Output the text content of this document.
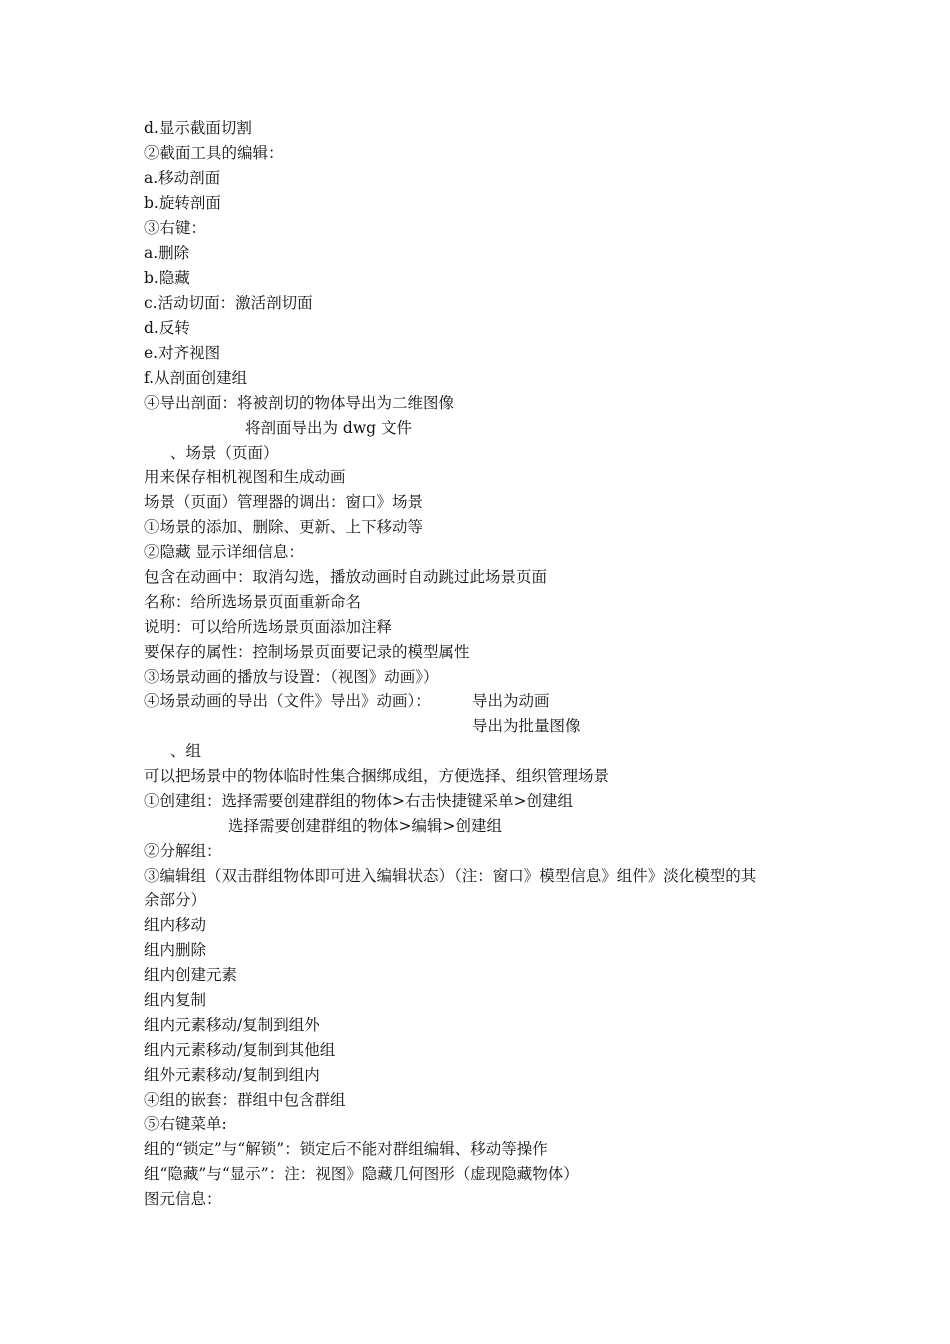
d.显示截面切割
②截面工具的编辑：
a.移动剖面
b.旋转剖面
③右键：
a.删除
b.隐藏
c.活动切面：激活剖切面
d.反转
e.对齐视图
f.从剖面创建组
④导出剖面：将被剖切的物体导出为二维图像
将剖面导出为 dwg 文件
、场景（页面）
用来保存相机视图和生成动画
场景（页面）管理器的调出：窗口》场景
①场景的添加、删除、更新、上下移动等
②隐藏 显示详细信息：
包含在动画中：取消勾选，播放动画时自动跳过此场景页面
名称：给所选场景页面重新命名
说明：可以给所选场景页面添加注释
要保存的属性：控制场景页面要记录的模型属性
③场景动画的播放与设置：（视图》动画》）
④场景动画的导出（文件》导出》动画）：	导出为动画
导出为批量图像
、组
可以把场景中的物体临时性集合捆绑成组，方便选择、组织管理场景
①创建组：选择需要创建群组的物体>右击快捷键采单>创建组
选择需要创建群组的物体>编辑>创建组
②分解组：
③编辑组（双击群组物体即可进入编辑状态）（注：窗口》模型信息》组件》淡化模型的其
余部分）
组内移动
组内删除
组内创建元素
组内复制
组内元素移动/复制到组外
组内元素移动/复制到其他组
组外元素移动/复制到组内
④组的嵌套：群组中包含群组
⑤右键菜单:
组的“锁定”与“解锁”：锁定后不能对群组编辑、移动等操作
组“隐藏”与“显示”：注：视图》隐藏几何图形（虚现隐藏物体）
图元信息：
